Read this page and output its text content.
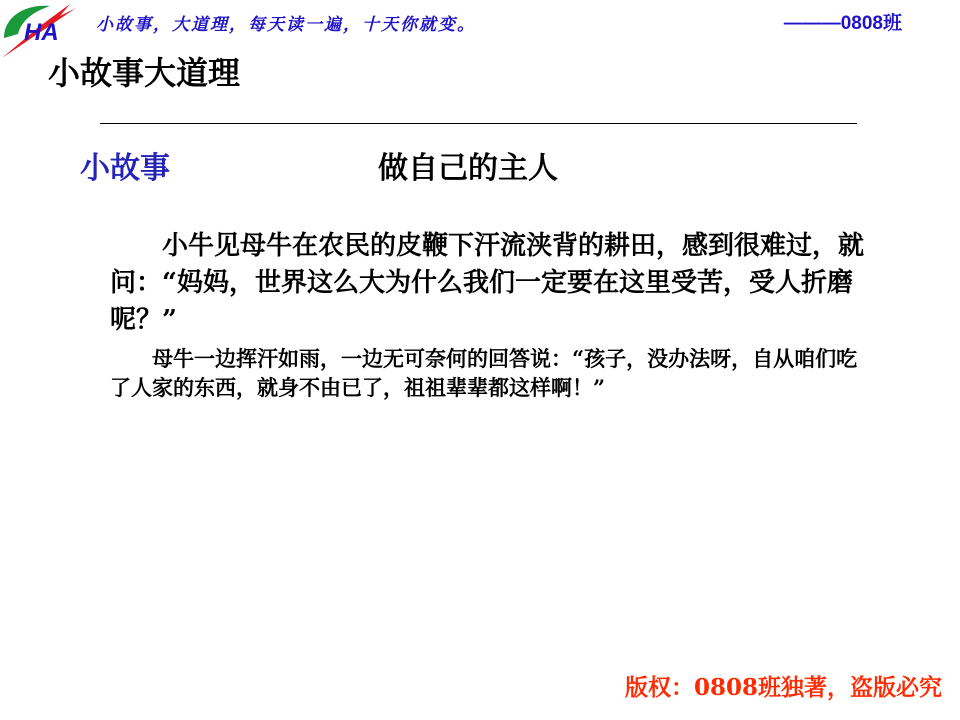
HA 小故事，大道理，每天读一遍，十天你就变。	———0808班
小故事大道理
小故事	做自己的主人

小牛见母牛在农民的皮鞭下汗流浃背的耕田，感到很难过，就问：“妈妈，世界这么大为什么我们一定要在这里受苦，受人折磨呢？”

母牛一边挥汗如雨，一边无可奈何的回答说：“孩子，没办法呀，自从咱们吃了人家的东西，就身不由已了，祖祖辈辈都这样啊！”

版权：0808班独著，盗版必究
